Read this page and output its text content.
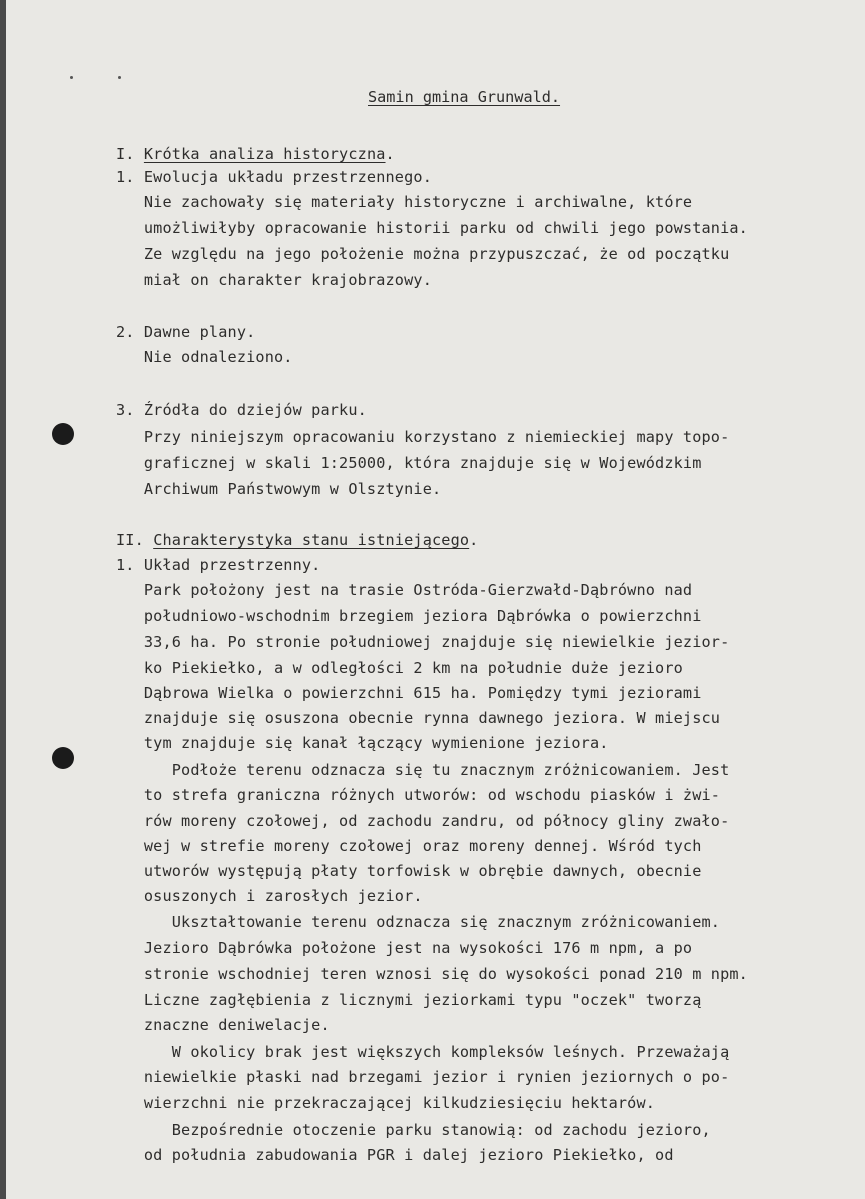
Samin gmina Grunwald.
I. Krótka analiza historyczna.
1. Ewolucja układu przestrzennego.
Nie zachowały się materiały historyczne i archiwalne, które
umożliwiłyby opracowanie historii parku od chwili jego powstania.
Ze względu na jego położenie można przypuszczać, że od początku
miał on charakter krajobrazowy.
2. Dawne plany.
Nie odnaleziono.
3. Źródła do dziejów parku.
Przy niniejszym opracowaniu korzystano z niemieckiej mapy topo-
graficznej w skali 1:25000, która znajduje się w Wojewódzkim
Archiwum Państwowym w Olsztynie.
II. Charakterystyka stanu istniejącego.
1. Układ przestrzenny.
Park położony jest na trasie Ostróda-Gierzwałd-Dąbrówno nad
południowo-wschodnim brzegiem jeziora Dąbrówka o powierzchni
33,6 ha. Po stronie południowej znajduje się niewielkie jezior-
ko Piekiełko, a w odległości 2 km na południe duże jezioro
Dąbrowa Wielka o powierzchni 615 ha. Pomiędzy tymi jeziorami
znajduje się osuszona obecnie rynna dawnego jeziora. W miejscu
tym znajduje się kanał łączący wymienione jeziora.
Podłoże terenu odznacza się tu znacznym zróżnicowaniem. Jest
to strefa graniczna różnych utworów: od wschodu piasków i żwi-
rów moreny czołowej, od zachodu zandru, od północy gliny zwało-
wej w strefie moreny czołowej oraz moreny dennej. Wśród tych
utworów występują płaty torfowisk w obrębie dawnych, obecnie
osuszonych i zarosłych jezior.
Ukształtowanie terenu odznacza się znacznym zróżnicowaniem.
Jezioro Dąbrówka położone jest na wysokości 176 m npm, a po
stronie wschodniej teren wznosi się do wysokości ponad 210 m npm.
Liczne zagłębienia z licznymi jeziorkami typu "oczek" tworzą
znaczne deniwelacje.
W okolicy brak jest większych kompleksów leśnych. Przeważają
niewielkie płaski nad brzegami jezior i rynien jeziornych o po-
wierzchni nie przekraczającej kilkudziesięciu hektarów.
Bezpośrednie otoczenie parku stanowią: od zachodu jezioro,
od południa zabudowania PGR i dalej jezioro Piekiełko, od
